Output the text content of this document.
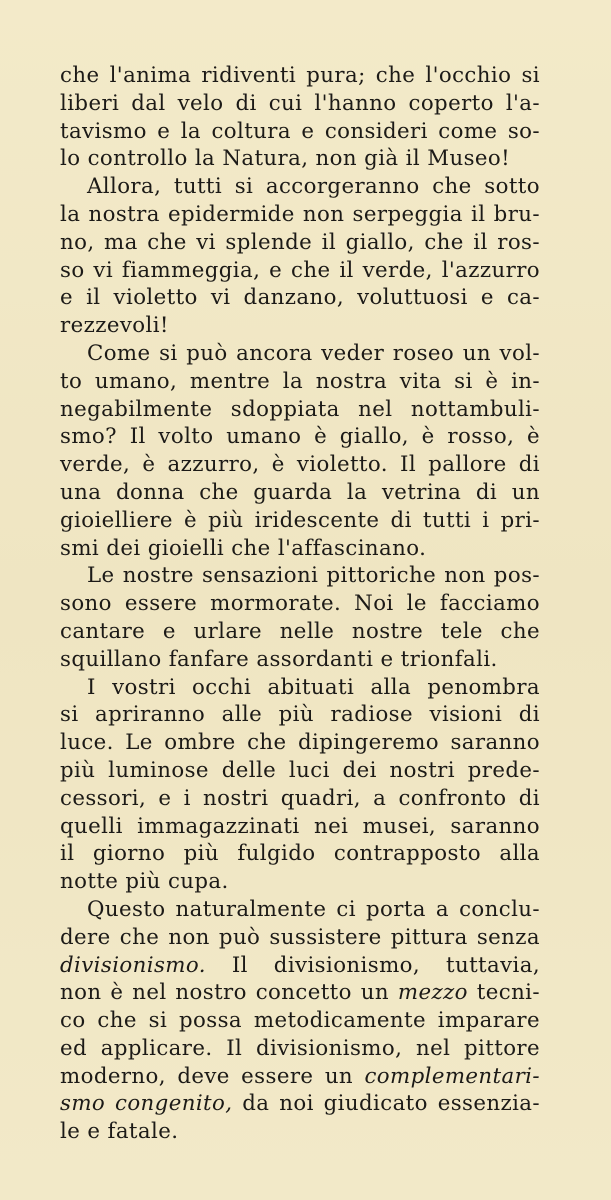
che l'anima ridiventi pura; che l'occhio si
liberi dal velo di cui l'hanno coperto l'a-
tavismo e la coltura e consideri come so-
lo controllo la Natura, non già il Museo!
Allora, tutti si accorgeranno che sotto
la nostra epidermide non serpeggia il bru-
no, ma che vi splende il giallo, che il ros-
so vi fiammeggia, e che il verde, l'azzurro
e il violetto vi danzano, voluttuosi e ca-
rezzevoli!
Come si può ancora veder roseo un vol-
to umano, mentre la nostra vita si è in-
negabilmente sdoppiata nel nottambuli-
smo? Il volto umano è giallo, è rosso, è
verde, è azzurro, è violetto. Il pallore di
una donna che guarda la vetrina di un
gioielliere è più iridescente di tutti i pri-
smi dei gioielli che l'affascinano.
Le nostre sensazioni pittoriche non pos-
sono essere mormorate. Noi le facciamo
cantare e urlare nelle nostre tele che
squillano fanfare assordanti e trionfali.
I vostri occhi abituati alla penombra
si apriranno alle più radiose visioni di
luce. Le ombre che dipingeremo saranno
più luminose delle luci dei nostri prede-
cessori, e i nostri quadri, a confronto di
quelli immagazzinati nei musei, saranno
il giorno più fulgido contrapposto alla
notte più cupa.
Questo naturalmente ci porta a conclu-
dere che non può sussistere pittura senza
divisionismo. Il divisionismo, tuttavia,
non è nel nostro concetto un mezzo tecni-
co che si possa metodicamente imparare
ed applicare. Il divisionismo, nel pittore
moderno, deve essere un complementari-
smo congenito, da noi giudicato essenzia-
le e fatale.
